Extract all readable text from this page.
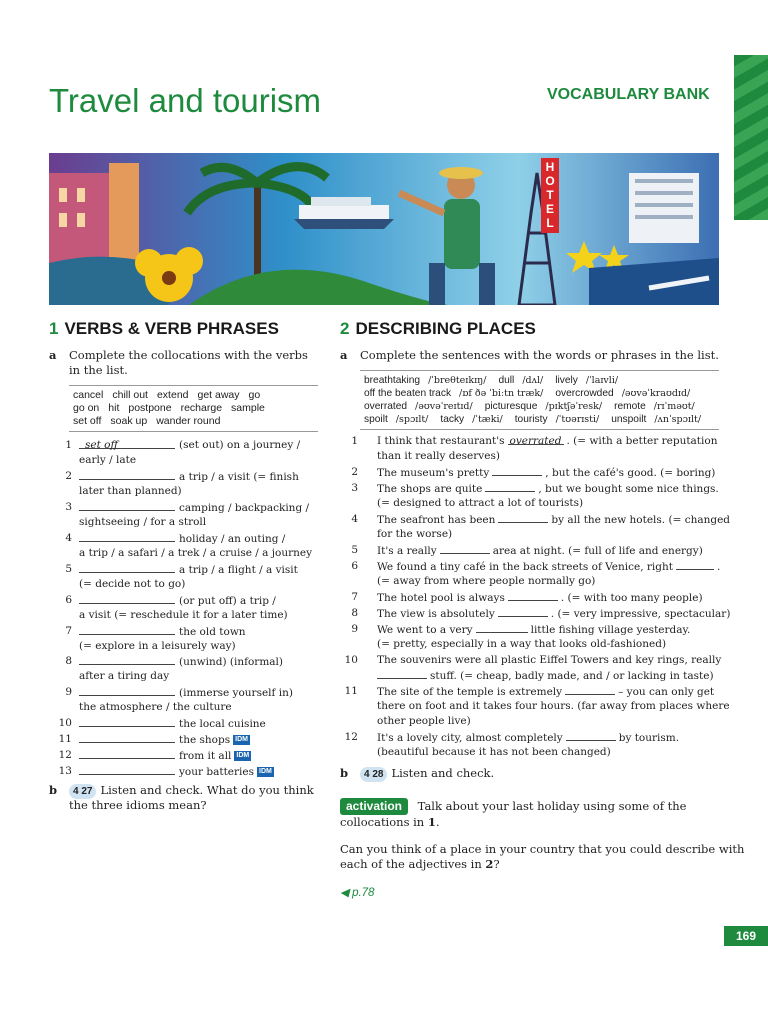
Travel and tourism	VOCABULARY BANK
H
O
T
E
L
1 VERBS & VERB PHRASES
a Complete the collocations with the verbs in the list.
cancel chill out extend get away go
go on hit postpone recharge sample
set off soak up wander round
1	set off	(set out) on a journey /
early / late
2	a trip / a visit (= finish
later than planned)
3	camping / backpacking /
sightseeing / for a stroll
4	holiday / an outing /
a trip / a safari / a trek / a cruise / a journey
5	a trip / a flight / a visit
(= decide not to go)
6	(or put off) a trip /
a visit (= reschedule it for a later time)
7	the old town
(= explore in a leisurely way)
8	(unwind) (informal)
after a tiring day
9	(immerse yourself in)
the atmosphere / the culture
10	the local cuisine
11	the shops IDM
12	from it all IDM
13	your batteries IDM
b	4 27 Listen and check. What do you think
the three idioms mean?
2 DESCRIBING PLACES
a Complete the sentences with the words or phrases in the list.
breathtaking /ˈbreθteɪkɪŋ/ dull /dʌl/ lively /ˈlaɪvli/
off the beaten track /ɒf ðə ˈbiːtn træk/ overcrowded /əʊvəˈkraʊdɪd/
overrated /əʊvəˈreɪtɪd/ picturesque /pɪktʃəˈresk/ remote /rɪˈməʊt/
spoilt /spɔɪlt/ tacky /ˈtæki/ touristy /ˈtʊərɪsti/ unspoilt /ʌnˈspɔɪlt/
1 I think that restaurant's overrated . (= with a better reputation
than it really deserves)
2 The museum's pretty	, but the café's good. (= boring)
3 The shops are quite	, but we bought some nice things.
(= designed to attract a lot of tourists)
4 The seafront has been	by all the new hotels. (= changed
for the worse)
5 It's a really	area at night. (= full of life and energy)
6 We found a tiny café in the back streets of Venice, right	.
(= away from where people normally go)
7 The hotel pool is always	. (= with too many people)
8 The view is absolutely	. (= very impressive, spectacular)
9 We went to a very	little fishing village yesterday.
(= pretty, especially in a way that looks old-fashioned)
10 The souvenirs were all plastic Eiffel Towers and key rings, really
stuff. (= cheap, badly made, and / or lacking in taste)
11 The site of the temple is extremely	– you can only get
there on foot and it takes four hours. (far away from places where
other people live)
12 It's a lovely city, almost completely	by tourism.
(beautiful because it has not been changed)
b	4 28 Listen and check.
activation Talk about your last holiday using some of the
collocations in 1.
Can you think of a place in your country that you could describe with
each of the adjectives in 2?
◀ p.78
169
